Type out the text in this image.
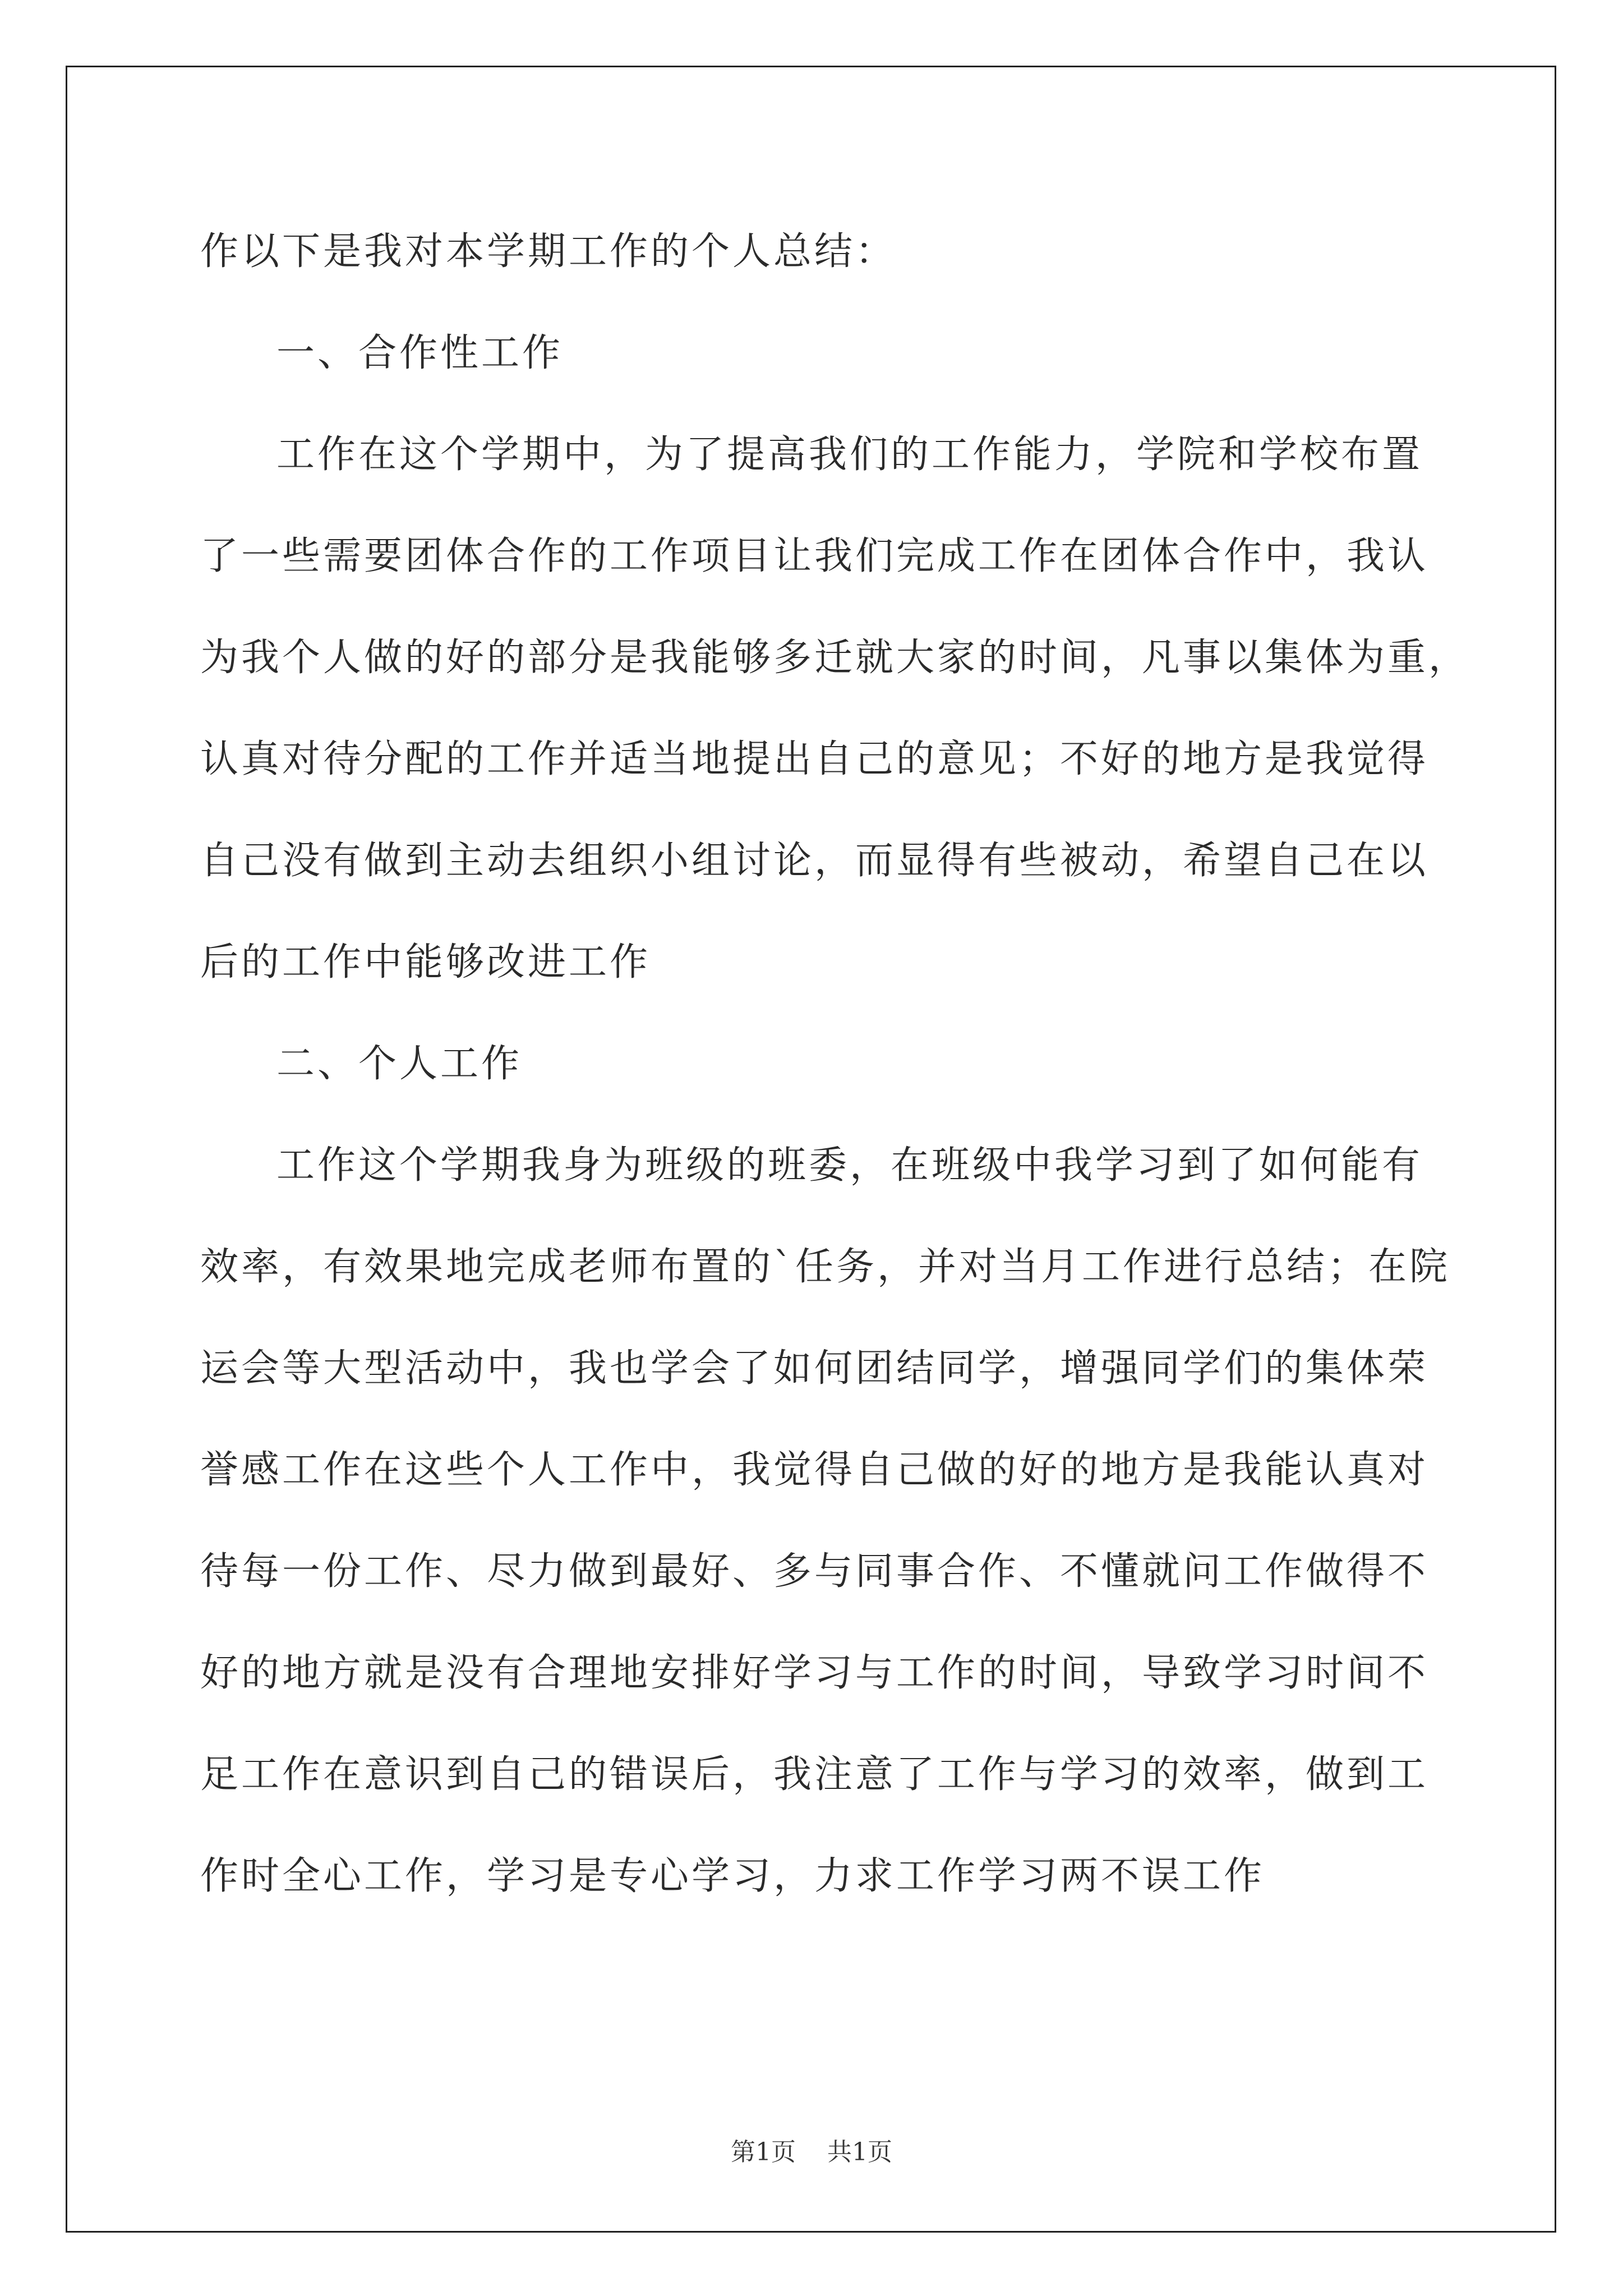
作以下是我对本学期工作的个人总结：

一、合作性工作

工作在这个学期中，为了提高我们的工作能力，学院和学校布置

了一些需要团体合作的工作项目让我们完成工作在团体合作中，我认

为我个人做的好的部分是我能够多迁就大家的时间，凡事以集体为重，

认真对待分配的工作并适当地提出自己的意见；不好的地方是我觉得

自己没有做到主动去组织小组讨论，而显得有些被动，希望自己在以

后的工作中能够改进工作

二、个人工作

工作这个学期我身为班级的班委，在班级中我学习到了如何能有

效率，有效果地完成老师布置的`任务，并对当月工作进行总结；在院

运会等大型活动中，我也学会了如何团结同学，增强同学们的集体荣

誉感工作在这些个人工作中，我觉得自己做的好的地方是我能认真对

待每一份工作、尽力做到最好、多与同事合作、不懂就问工作做得不

好的地方就是没有合理地安排好学习与工作的时间，导致学习时间不

足工作在意识到自己的错误后，我注意了工作与学习的效率，做到工

作时全心工作，学习是专心学习，力求工作学习两不误工作

第1页 共1页
